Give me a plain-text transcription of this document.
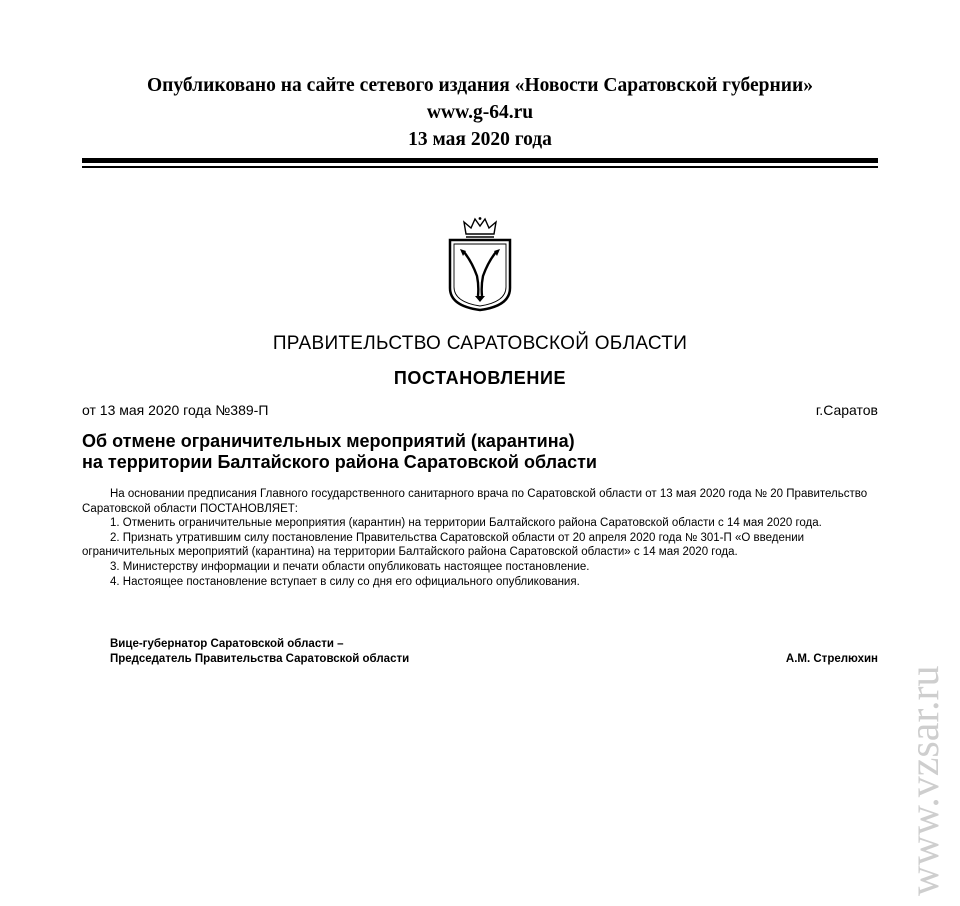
Опубликовано на сайте сетевого издания «Новости Саратовской губернии»
www.g-64.ru
13 мая 2020 года
ПРАВИТЕЛЬСТВО САРАТОВСКОЙ ОБЛАСТИ
ПОСТАНОВЛЕНИЕ
от 13 мая 2020 года №389-П	г.Саратов
Об отмене ограничительных мероприятий (карантина)
на территории Балтайского района Саратовской области

На основании предписания Главного государственного санитарного врача по Саратовской области от 13 мая 2020 года № 20 Правительство Саратовской области ПОСТАНОВЛЯЕТ:

1. Отменить ограничительные мероприятия (карантин) на территории Балтайского района Саратовской области с 14 мая 2020 года.

2. Признать утратившим силу постановление Правительства Саратовской области от 20 апреля 2020 года № 301-П «О введении ограничительных мероприятий (карантина) на территории Балтайского района Саратовской области» с 14 мая 2020 года.

3. Министерству информации и печати области опубликовать настоящее постановление.

4. Настоящее постановление вступает в силу со дня его официального опубликования.

Вице-губернатор Саратовской области –
Председатель Правительства Саратовской области	А.М. Стрелюхин
www.vzsar.ru
